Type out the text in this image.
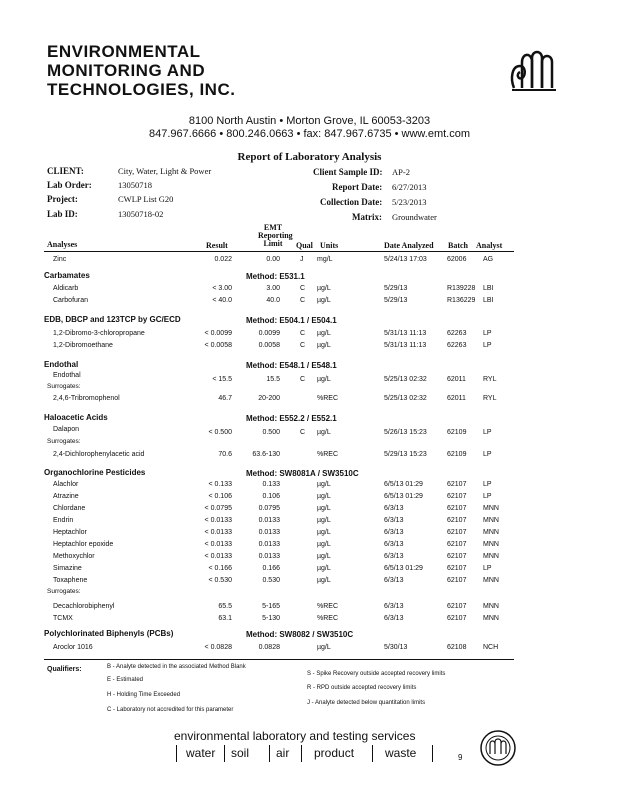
ENVIRONMENTAL
MONITORING AND
TECHNOLOGIES, INC.
8100 North Austin • Morton Grove, IL 60053-3203
847.967.6666 • 800.246.0663 • fax: 847.967.6735 • www.emt.com
Report of Laboratory Analysis
CLIENT:	City, Water, Light & Power
Lab Order:	13050718
Project:	CWLP List G20
Lab ID:	13050718-02
Client Sample ID: AP-2
Report Date: 6/27/2013
Collection Date: 5/23/2013
Matrix: Groundwater
Analyses	Result
EMT
Reporting
Limit	Qual Units	Date Analyzed Batch Analyst
Zinc	0.022	0.00	J mg/L	5/24/13 17:03	62006 AG
Carbamates	Method: E531.1
Aldicarb	< 3.00	3.00	C µg/L	5/29/13	R139228 LBI
Carbofuran	< 40.0	40.0	C µg/L	5/29/13	R136229 LBI
EDB, DBCP and 123TCP by GC/ECD	Method: E504.1 / E504.1
1,2-Dibromo-3-chloropropane	< 0.0099	0.0099	C µg/L	5/31/13 11:13	62263 LP
1,2-Dibromoethane	< 0.0058	0.0058	C µg/L	5/31/13 11:13	62263 LP
Endothal	Method: E548.1 / E548.1
Endothal
< 15.5	15.5	C µg/L	5/25/13 02:32	62011 RYL
Surrogates:
2,4,6-Tribromophenol	46.7	20-200	%REC	5/25/13 02:32	62011 RYL
Haloacetic Acids	Method: E552.2 / E552.1
Dalapon	< 0.500	0.500	C µg/L	5/26/13 15:23	62109 LP
Surrogates:
2,4-Dichlorophenylacetic acid	70.6	63.6-130	%REC	5/29/13 15:23	62109 LP
Organochlorine Pesticides	Method: SW8081A / SW3510C
Alachlor	< 0.133	0.133	µg/L	6/5/13 01:29	62107 LP
Atrazine	< 0.106	0.106	µg/L	6/5/13 01:29	62107 LP
Chlordane	< 0.0795	0.0795	µg/L	6/3/13	62107 MNN
Endrin	< 0.0133	0.0133	µg/L	6/3/13	62107 MNN
Heptachlor	< 0.0133	0.0133	µg/L	6/3/13	62107 MNN
Heptachlor epoxide	< 0.0133	0.0133	µg/L	6/3/13	62107 MNN
Methoxychlor	< 0.0133	0.0133	µg/L	6/3/13	62107 MNN
Simazine	< 0.166	0.166	µg/L	6/5/13 01:29	62107 LP
Toxaphene	< 0.530	0.530	µg/L	6/3/13	62107 MNN
Surrogates:
Decachlorobiphenyl	65.5	5-165	%REC	6/3/13	62107 MNN
TCMX	63.1	5-130	%REC	6/3/13	62107 MNN
Polychlorinated Biphenyls (PCBs)	Method: SW8082 / SW3510C
Aroclor 1016	< 0.0828	0.0828	µg/L	5/30/13	62108 NCH
Qualifiers:	B - Analyte detected in the associated Method Blank
E - Estimated
H - Holding Time Exceeded
C - Laboratory not accredited for this parameter
S - Spike Recovery outside accepted recovery limits
R - RPD outside accepted recovery limits
J - Analyte detected below quantitation limits
environmental laboratory and testing services
water soil air product	waste	9
